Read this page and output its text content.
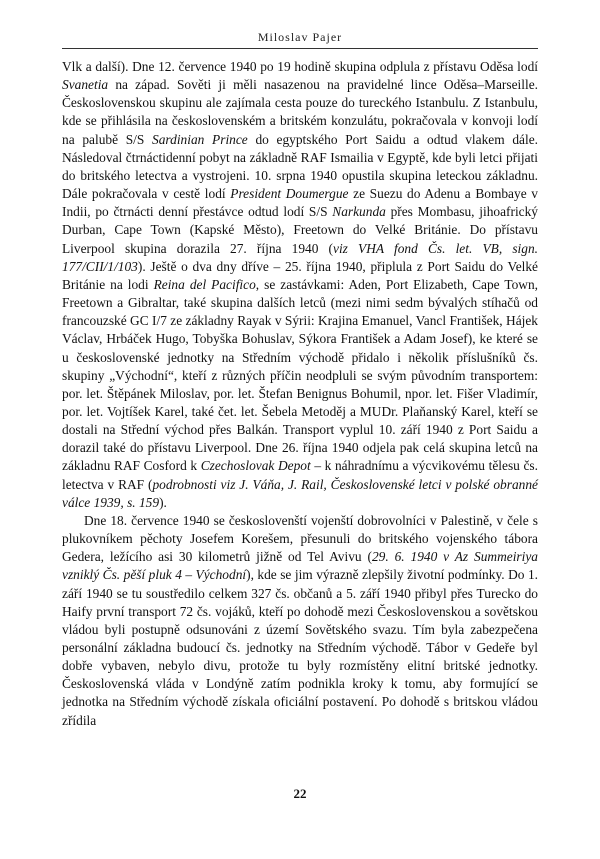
Miloslav Pajer

Vlk a další). Dne 12. července 1940 po 19 hodině skupina odplula z přístavu Oděsa lodí Svanetia na západ. Sověti ji měli nasazenou na pravidelné lince Oděsa–Marseille. Československou skupinu ale zajímala cesta pouze do tureckého Istanbulu. Z Istanbulu, kde se přihlásila na československém a britském konzulátu, pokračovala v konvoji lodí na palubě S/S Sardinian Prince do egyptského Port Saidu a odtud vlakem dále. Následoval čtrnáctidenní pobyt na základně RAF Ismailia v Egyptě, kde byli letci přijati do britského letectva a vystrojeni. 10. srpna 1940 opustila skupina leteckou základnu. Dále pokračovala v cestě lodí President Doumergue ze Suezu do Adenu a Bombaye v Indii, po čtrnácti denní přestávce odtud lodí S/S Narkunda přes Mombasu, jihoafrický Durban, Cape Town (Kapské Město), Freetown do Velké Británie. Do přístavu Liverpool skupina dorazila 27. října 1940 (viz VHA fond Čs. let. VB, sign. 177/CII/1/103). Ještě o dva dny dříve – 25. října 1940, připlula z Port Saidu do Velké Británie na lodi Reina del Pacifico, se zastávkami: Aden, Port Elizabeth, Cape Town, Freetown a Gibraltar, také skupina dalších letců (mezi nimi sedm bývalých stíhačů od francouzské GC I/7 ze základny Rayak v Sýrii: Krajina Emanuel, Vancl František, Hájek Václav, Hrbáček Hugo, Tobyška Bohuslav, Sýkora František a Adam Josef), ke které se u československé jednotky na Středním východě přidalo i několik příslušníků čs. skupiny „Východní“, kteří z různých příčin neodpluli se svým původním transportem: por. let. Štěpánek Miloslav, por. let. Štefan Benignus Bohumil, npor. let. Fišer Vladimír, por. let. Vojtíšek Karel, také čet. let. Šebela Metoděj a MUDr. Plaňanský Karel, kteří se dostali na Střední východ přes Balkán. Transport vyplul 10. září 1940 z Port Saidu a dorazil také do přístavu Liverpool. Dne 26. října 1940 odjela pak celá skupina letců na základnu RAF Cosford k Czechoslovak Depot – k náhradnímu a výcvikovému tělesu čs. letectva v RAF (podrobnosti viz J. Váňa, J. Rail, Československé letci v polské obranné válce 1939, s. 159).

Dne 18. července 1940 se českoslovenští vojenští dobrovolníci v Palestině, v čele s plukovníkem pěchoty Josefem Korešem, přesunuli do britského vojenského tábora Gedera, ležícího asi 30 kilometrů jižně od Tel Avivu (29. 6. 1940 v Az Summeiriya vzniklý Čs. pěší pluk 4 – Východní), kde se jim výrazně zlepšily životní podmínky. Do 1. září 1940 se tu soustředilo celkem 327 čs. občanů a 5. září 1940 přibyl přes Turecko do Haify první transport 72 čs. vojáků, kteří po dohodě mezi Československou a sovětskou vládou byli postupně odsunováni z území Sovětského svazu. Tím byla zabezpečena personální základna budoucí čs. jednotky na Středním východě. Tábor v Gedeře byl dobře vybaven, nebylo divu, protože tu byly rozmístěny elitní britské jednotky. Československá vláda v Londýně zatím podnikla kroky k tomu, aby formující se jednotka na Středním východě získala oficiální postavení. Po dohodě s britskou vládou zřídila

22
